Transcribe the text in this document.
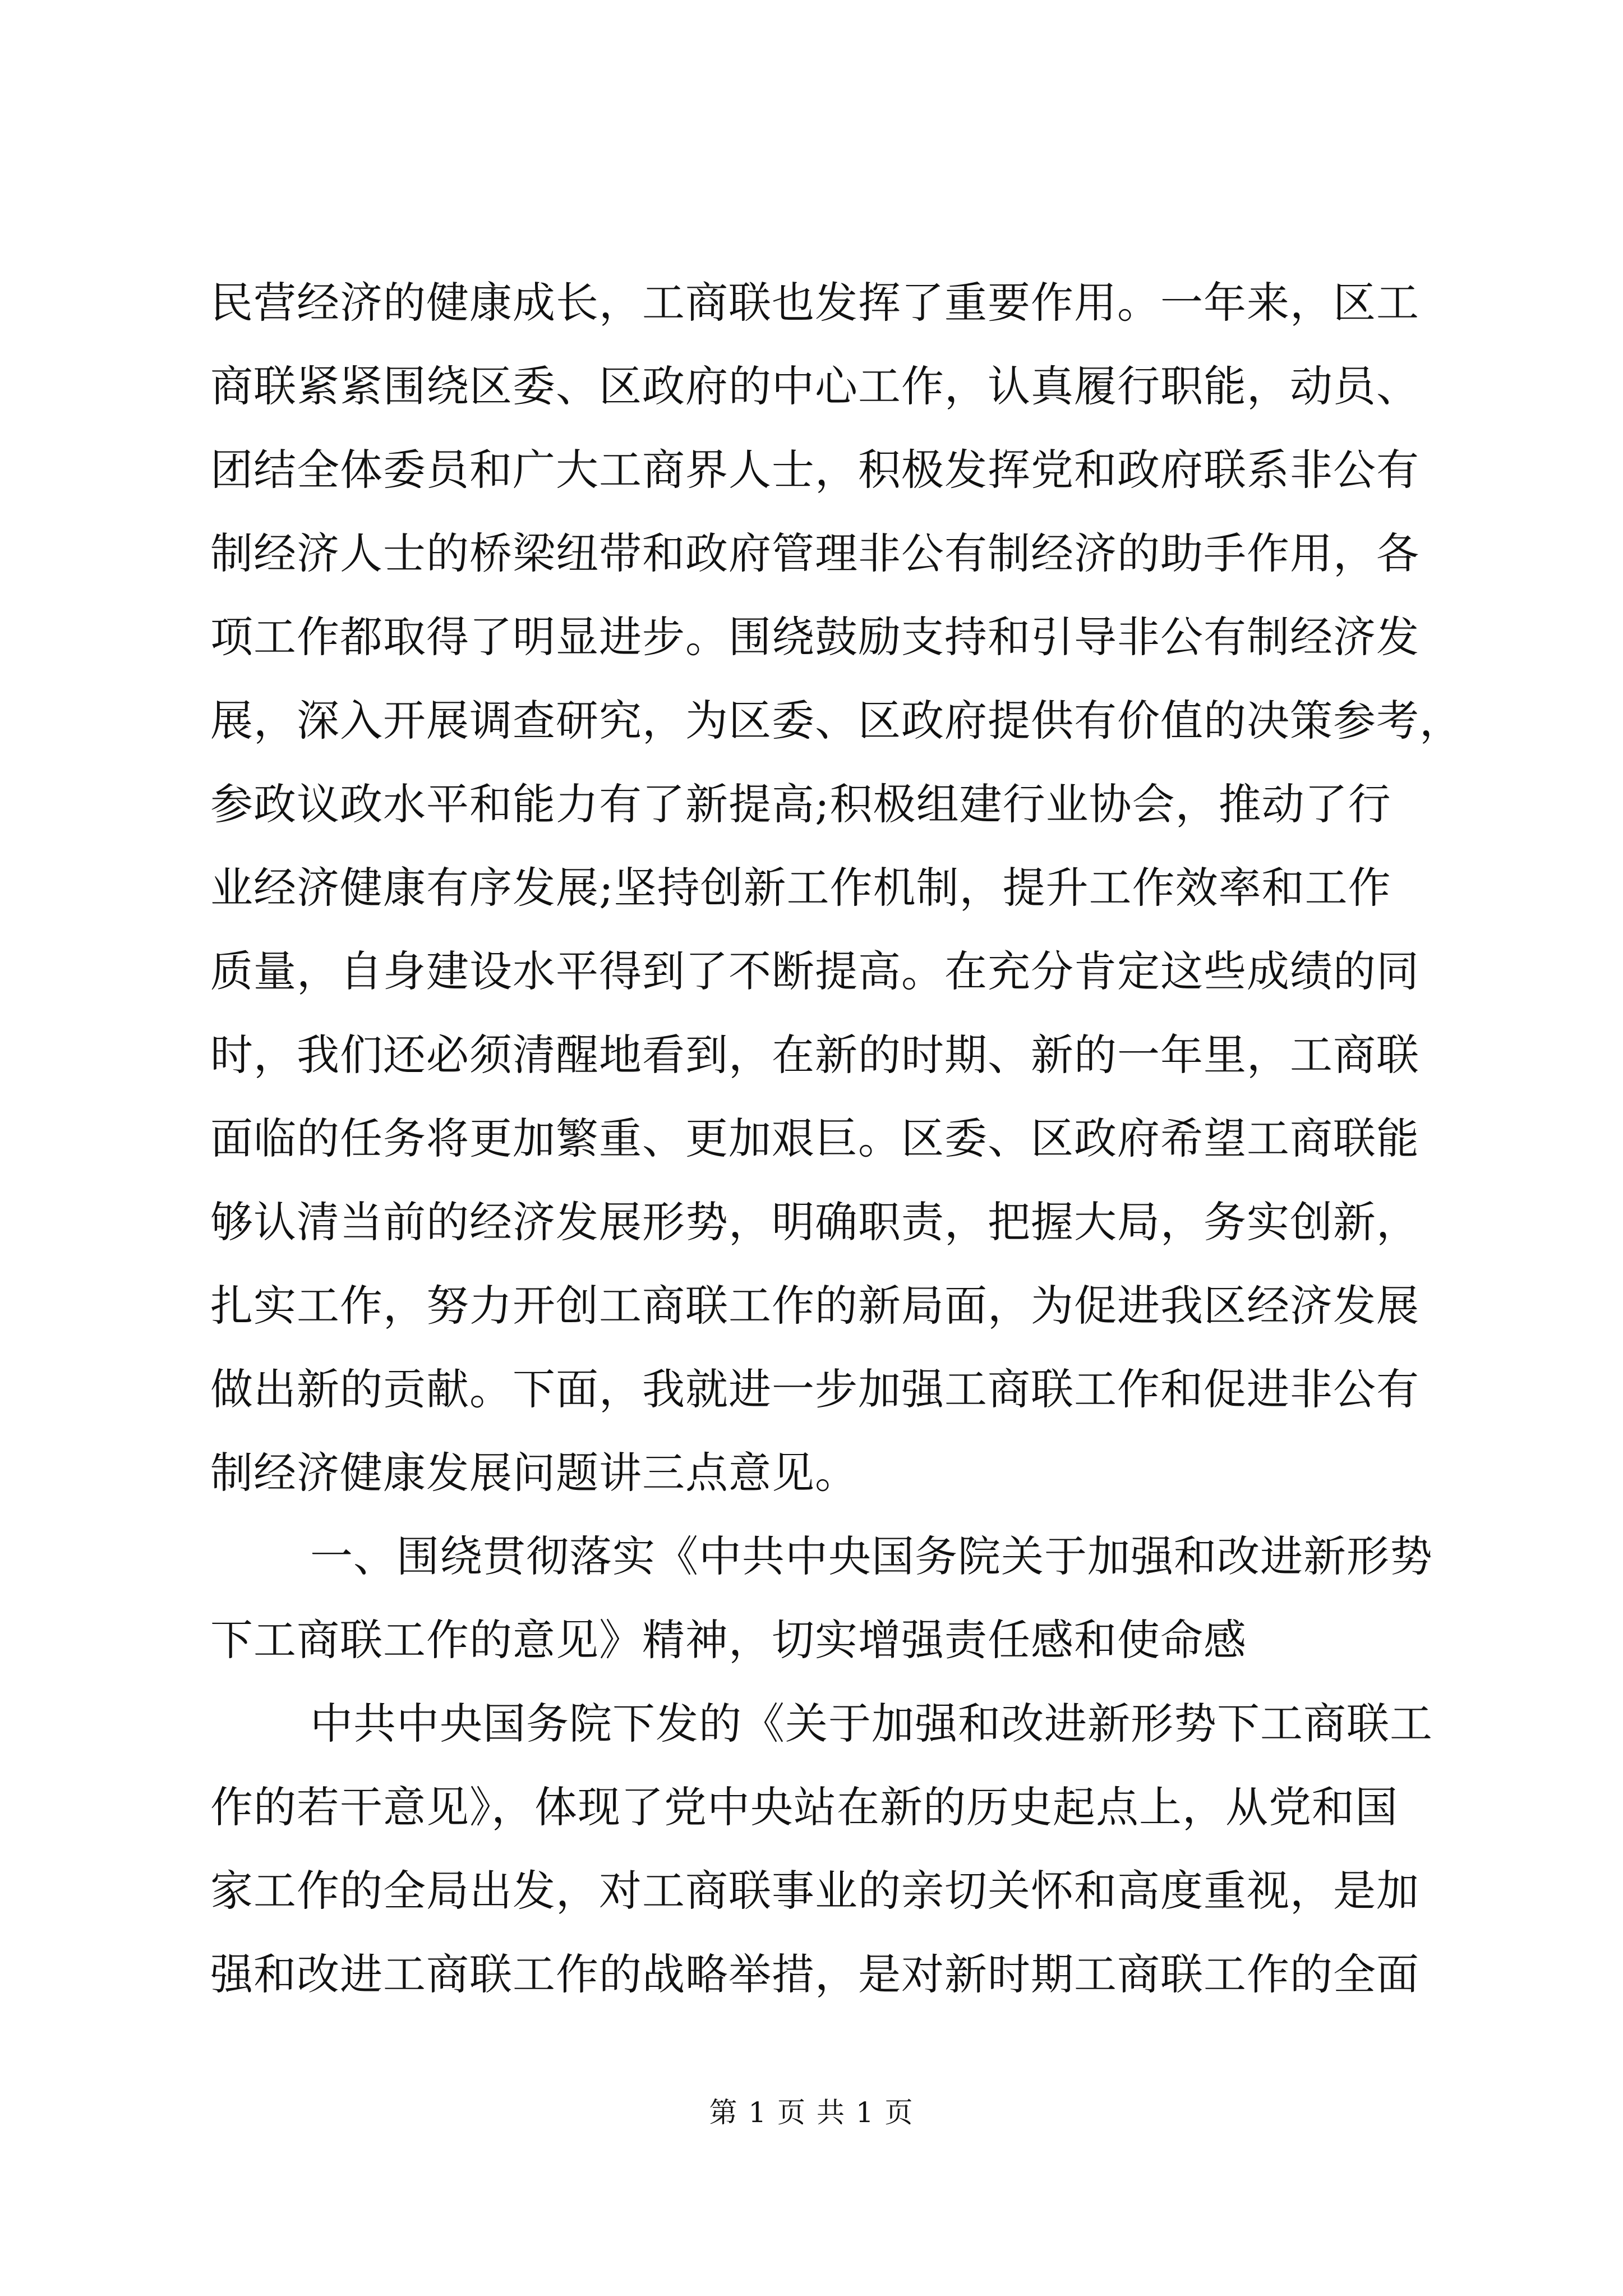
民营经济的健康成长，工商联也发挥了重要作用。一年来，区工
商联紧紧围绕区委、区政府的中心工作，认真履行职能，动员、
团结全体委员和广大工商界人士，积极发挥党和政府联系非公有
制经济人士的桥梁纽带和政府管理非公有制经济的助手作用，各
项工作都取得了明显进步。围绕鼓励支持和引导非公有制经济发
展，深入开展调查研究，为区委、区政府提供有价值的决策参考，
参政议政水平和能力有了新提高;积极组建行业协会，推动了行
业经济健康有序发展;坚持创新工作机制，提升工作效率和工作
质量，自身建设水平得到了不断提高。在充分肯定这些成绩的同
时，我们还必须清醒地看到，在新的时期、新的一年里，工商联
面临的任务将更加繁重、更加艰巨。区委、区政府希望工商联能
够认清当前的经济发展形势，明确职责，把握大局，务实创新，
扎实工作，努力开创工商联工作的新局面，为促进我区经济发展
做出新的贡献。下面，我就进一步加强工商联工作和促进非公有
制经济健康发展问题讲三点意见。
一、围绕贯彻落实《中共中央国务院关于加强和改进新形势
下工商联工作的意见》精神，切实增强责任感和使命感
中共中央国务院下发的《关于加强和改进新形势下工商联工
作的若干意见》，体现了党中央站在新的历史起点上，从党和国
家工作的全局出发，对工商联事业的亲切关怀和高度重视，是加
强和改进工商联工作的战略举措，是对新时期工商联工作的全面
第 1 页 共 1 页
